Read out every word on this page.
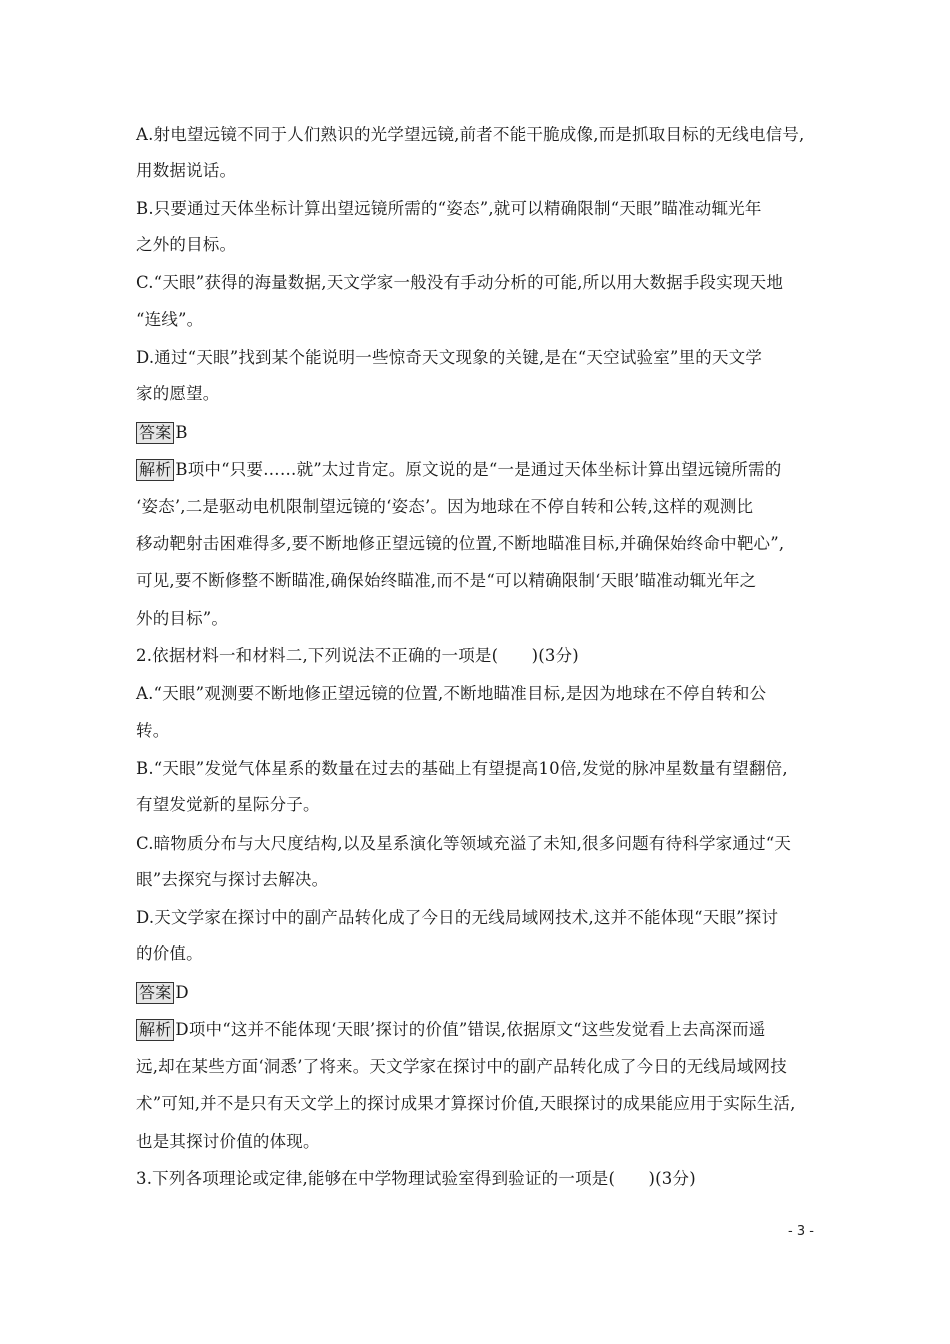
A.射电望远镜不同于人们熟识的光学望远镜,前者不能干脆成像,而是抓取目标的无线电信号,
用数据说话。
B.只要通过天体坐标计算出望远镜所需的“姿态”,就可以精确限制“天眼”瞄准动辄光年
之外的目标。
C.“天眼”获得的海量数据,天文学家一般没有手动分析的可能,所以用大数据手段实现天地
“连线”。
D.通过“天眼”找到某个能说明一些惊奇天文现象的关键,是在“天空试验室”里的天文学
家的愿望。
答案 B
解析 B项中“只要……就”太过肯定。原文说的是“一是通过天体坐标计算出望远镜所需的
‘姿态’,二是驱动电机限制望远镜的‘姿态’。因为地球在不停自转和公转,这样的观测比
移动靶射击困难得多,要不断地修正望远镜的位置,不断地瞄准目标,并确保始终命中靶心”,
可见,要不断修整不断瞄准,确保始终瞄准,而不是“可以精确限制‘天眼’瞄准动辄光年之
外的目标”。
2.依据材料一和材料二,下列说法不正确的一项是(　　)(3分)
A.“天眼”观测要不断地修正望远镜的位置,不断地瞄准目标,是因为地球在不停自转和公
转。
B.“天眼”发觉气体星系的数量在过去的基础上有望提高10倍,发觉的脉冲星数量有望翻倍,
有望发觉新的星际分子。
C.暗物质分布与大尺度结构,以及星系演化等领域充溢了未知,很多问题有待科学家通过“天
眼”去探究与探讨去解决。
D.天文学家在探讨中的副产品转化成了今日的无线局域网技术,这并不能体现“天眼”探讨
的价值。
答案 D
解析 D项中“这并不能体现‘天眼’探讨的价值”错误,依据原文“这些发觉看上去高深而遥
远,却在某些方面‘洞悉’了将来。天文学家在探讨中的副产品转化成了今日的无线局域网技
术”可知,并不是只有天文学上的探讨成果才算探讨价值,天眼探讨的成果能应用于实际生活,
也是其探讨价值的体现。
3.下列各项理论或定律,能够在中学物理试验室得到验证的一项是(　　)(3分)
- 3 -
